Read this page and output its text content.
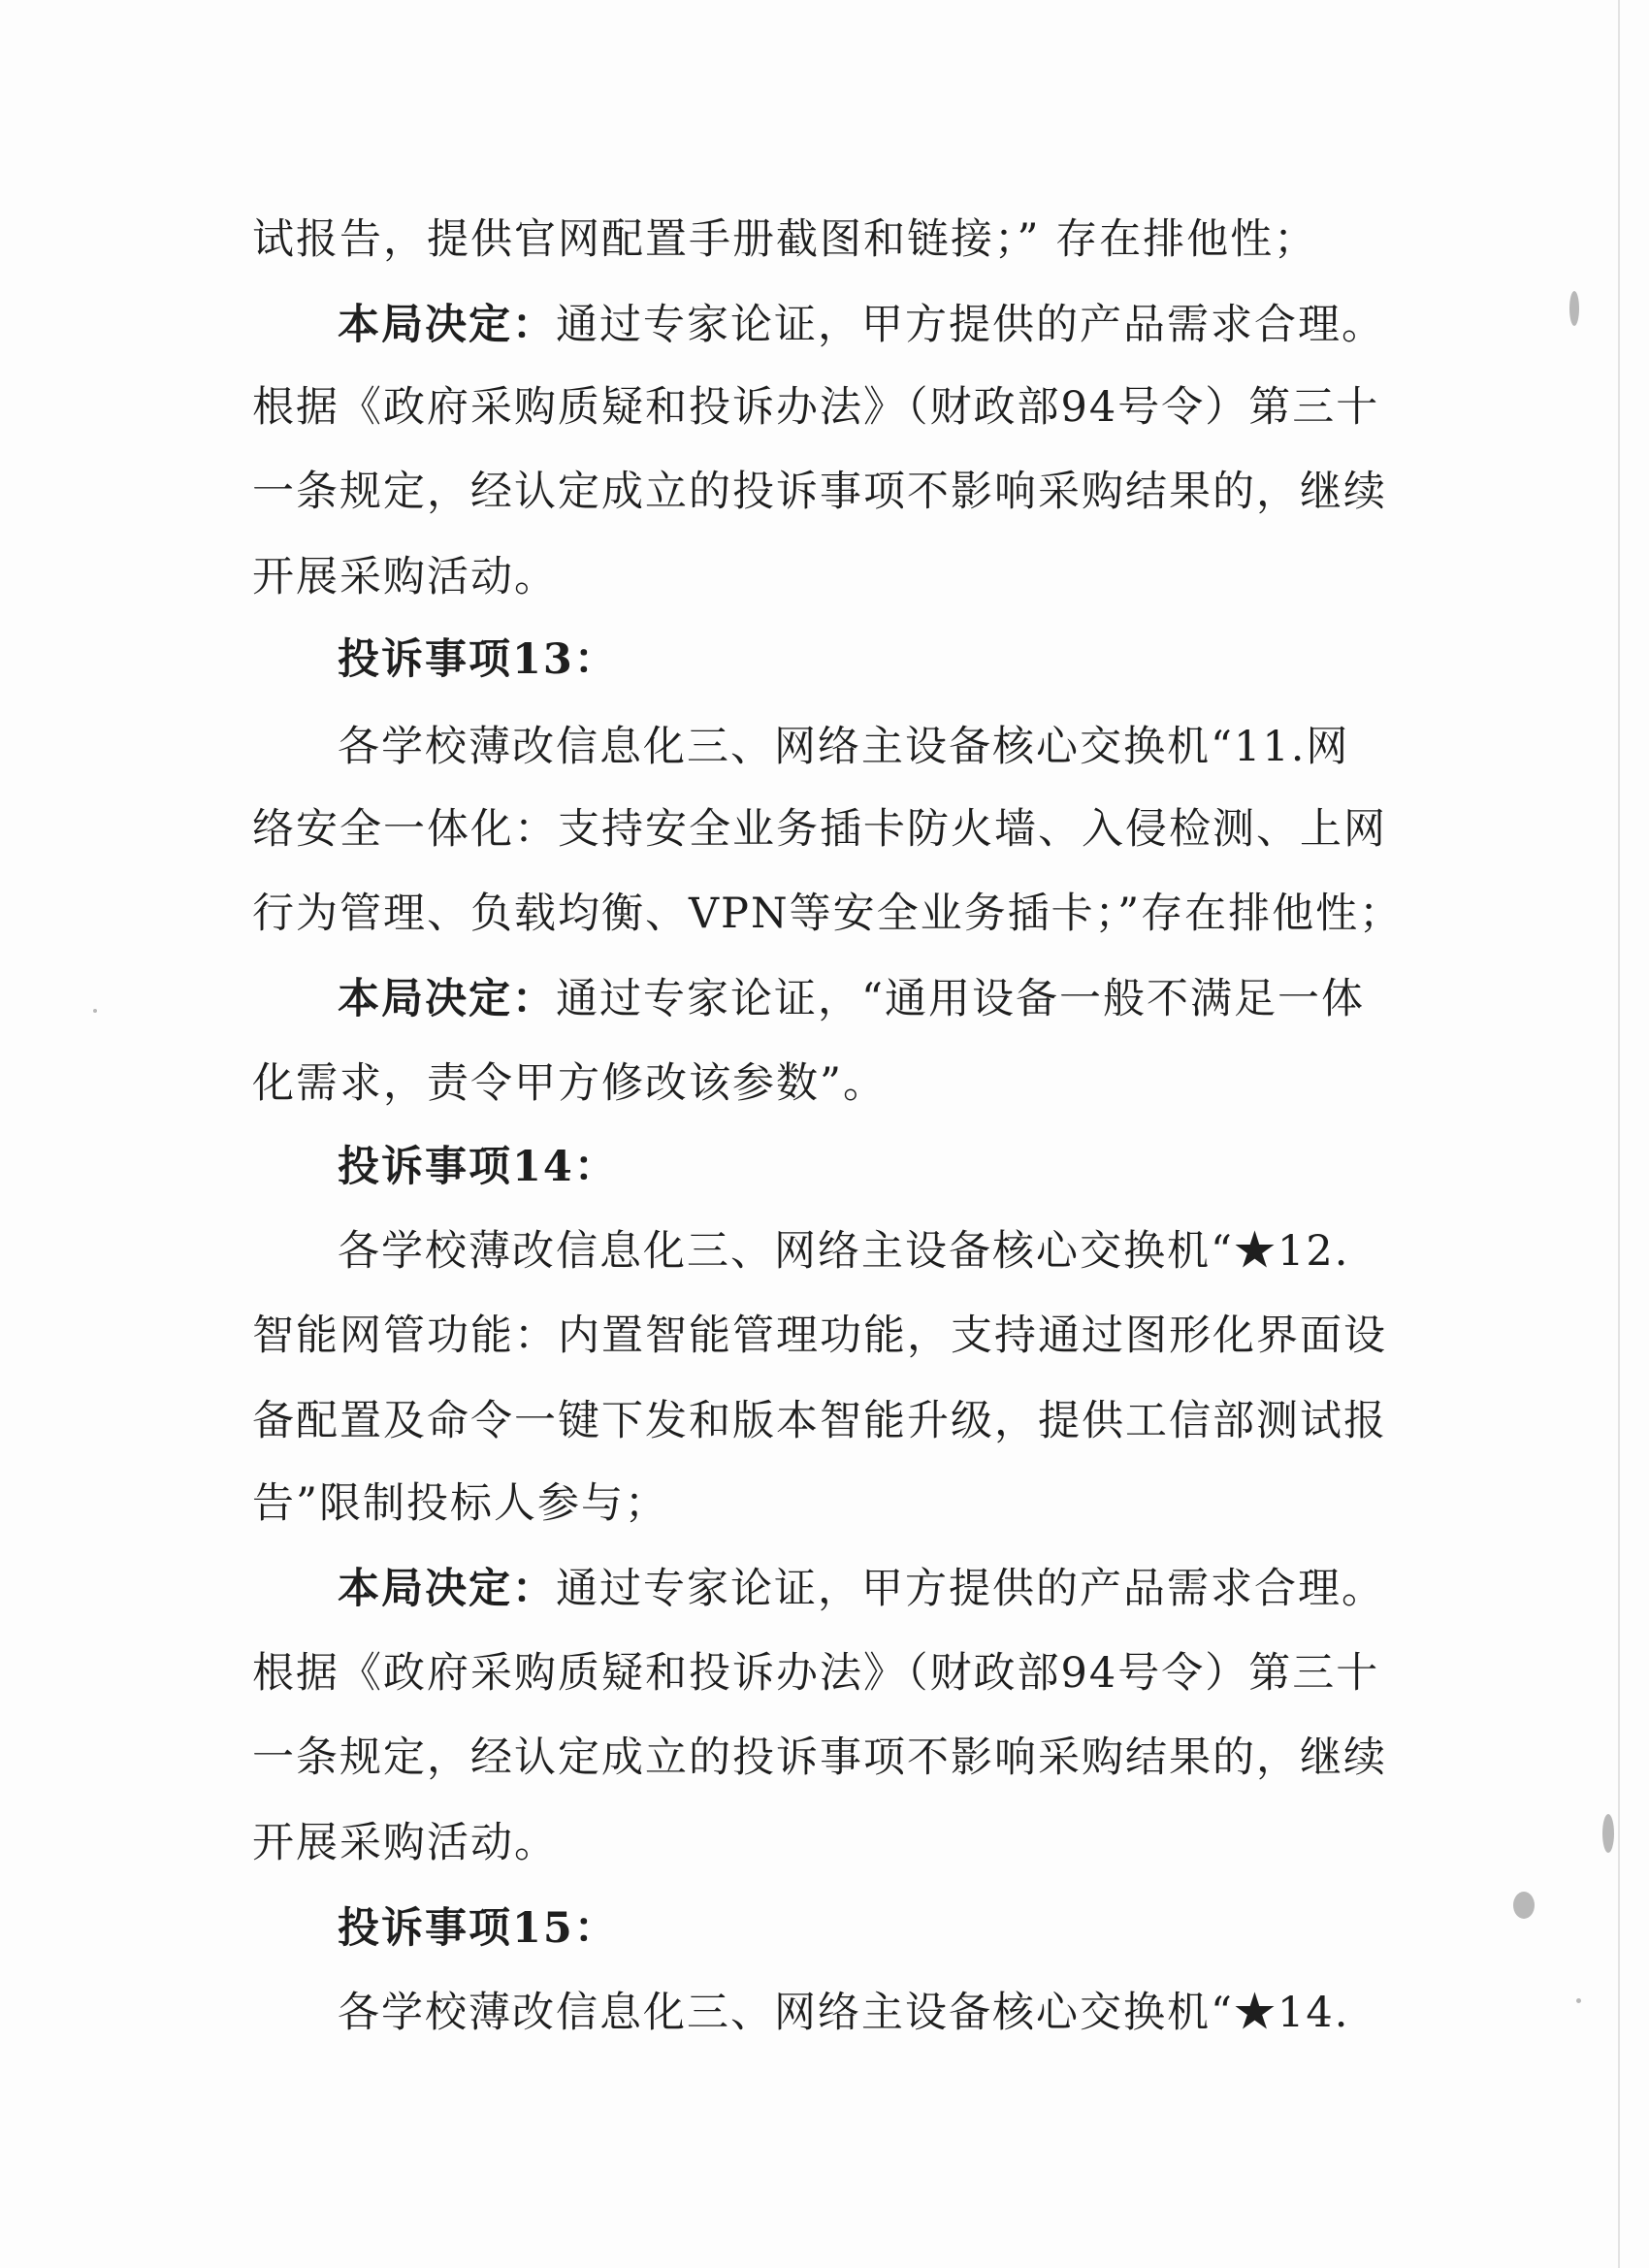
试报告，提供官网配置手册截图和链接；” 存在排他性；
本局决定：通过专家论证，甲方提供的产品需求合理。
根据《政府采购质疑和投诉办法》（财政部94号令）第三十
一条规定，经认定成立的投诉事项不影响采购结果的，继续
开展采购活动。
投诉事项13：
各学校薄改信息化三、网络主设备核心交换机“11.网
络安全一体化：支持安全业务插卡防火墙、入侵检测、上网
行为管理、负载均衡、VPN等安全业务插卡；”存在排他性；
本局决定：通过专家论证，“通用设备一般不满足一体
化需求，责令甲方修改该参数”。
投诉事项14：
各学校薄改信息化三、网络主设备核心交换机“★12.
智能网管功能：内置智能管理功能，支持通过图形化界面设
备配置及命令一键下发和版本智能升级，提供工信部测试报
告”限制投标人参与；
本局决定：通过专家论证，甲方提供的产品需求合理。
根据《政府采购质疑和投诉办法》（财政部94号令）第三十
一条规定，经认定成立的投诉事项不影响采购结果的，继续
开展采购活动。
投诉事项15：
各学校薄改信息化三、网络主设备核心交换机“★14.
